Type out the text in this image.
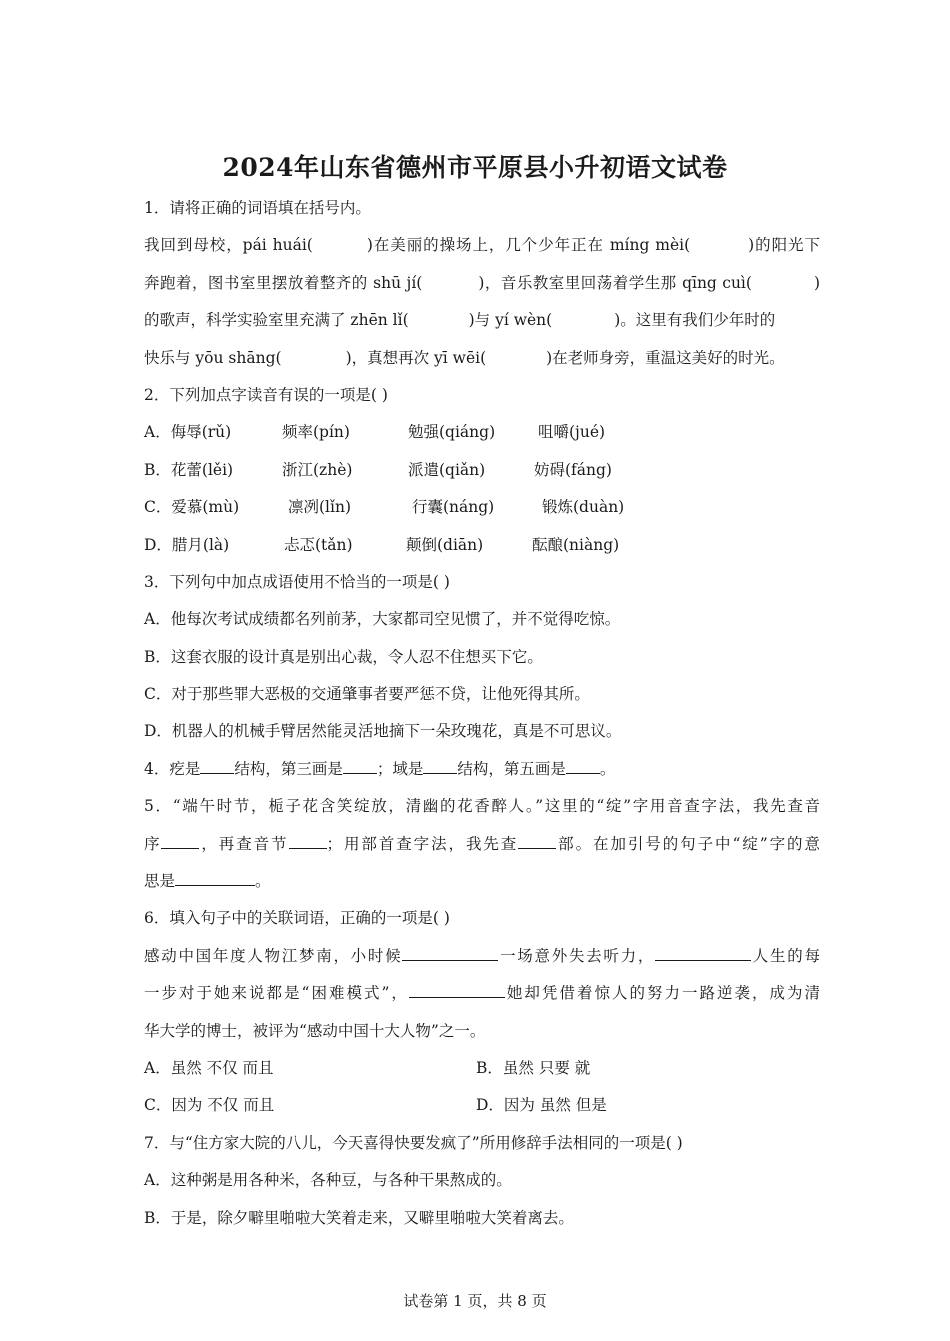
2024年山东省德州市平原县小升初语文试卷
1．请将正确的词语填在括号内。
我回到母校，pái huái(	)在美丽的操场上，几个少年正在 míng mèi(	)的阳光下
奔跑着，图书室里摆放着整齐的 shū jí(	)，音乐教室里回荡着学生那 qīng cuì(	)
的歌声，科学实验室里充满了 zhēn lǐ(	)与 yí wèn(	)。这里有我们少年时的
快乐与 yōu shāng(	)，真想再次 yī wēi(	)在老师身旁，重温这美好的时光。
2．下列加点字读音有误的一项是( )
A．侮辱(rǔ)	频率(pín)	勉强(qiáng)	咀嚼(jué)
B．花蕾(lěi)	浙江(zhè)	派遣(qiǎn)	妨碍(fáng)
C．爱慕(mù)	凛冽(lǐn)	行囊(náng)	锻炼(duàn)
D．腊月(là)	忐忑(tǎn)	颠倒(diān)	酝酿(niàng)
3．下列句中加点成语使用不恰当的一项是( )
A．他每次考试成绩都名列前茅，大家都司空见惯了，并不觉得吃惊。
B．这套衣服的设计真是别出心裁，令人忍不住想买下它。
C．对于那些罪大恶极的交通肇事者要严惩不贷，让他死得其所。
D．机器人的机械手臂居然能灵活地摘下一朵玫瑰花，真是不可思议。
4．疙是 结构，第三画是 ；域是 结构，第五画是 。
5．“端午时节，栀子花含笑绽放，清幽的花香醉人。”这里的“绽”字用音查字法，我先查音
序 ，再查音节 ；用部首查字法，我先查 部。在加引号的句子中“绽”字的意
思是	。
6．填入句子中的关联词语，正确的一项是( )
感动中国年度人物江梦南，小时候	一场意外失去听力，	人生的每
一步对于她来说都是“困难模式”，	她却凭借着惊人的努力一路逆袭，成为清
华大学的博士，被评为“感动中国十大人物”之一。
A．虽然 不仅 而且	B．虽然 只要 就
C．因为 不仅 而且	D．因为 虽然 但是
7．与“住方家大院的八儿，今天喜得快要发疯了”所用修辞手法相同的一项是( )
A．这种粥是用各种米，各种豆，与各种干果熬成的。
B．于是，除夕噼里啪啦大笑着走来，又噼里啪啦大笑着离去。
试卷第 1 页，共 8 页
